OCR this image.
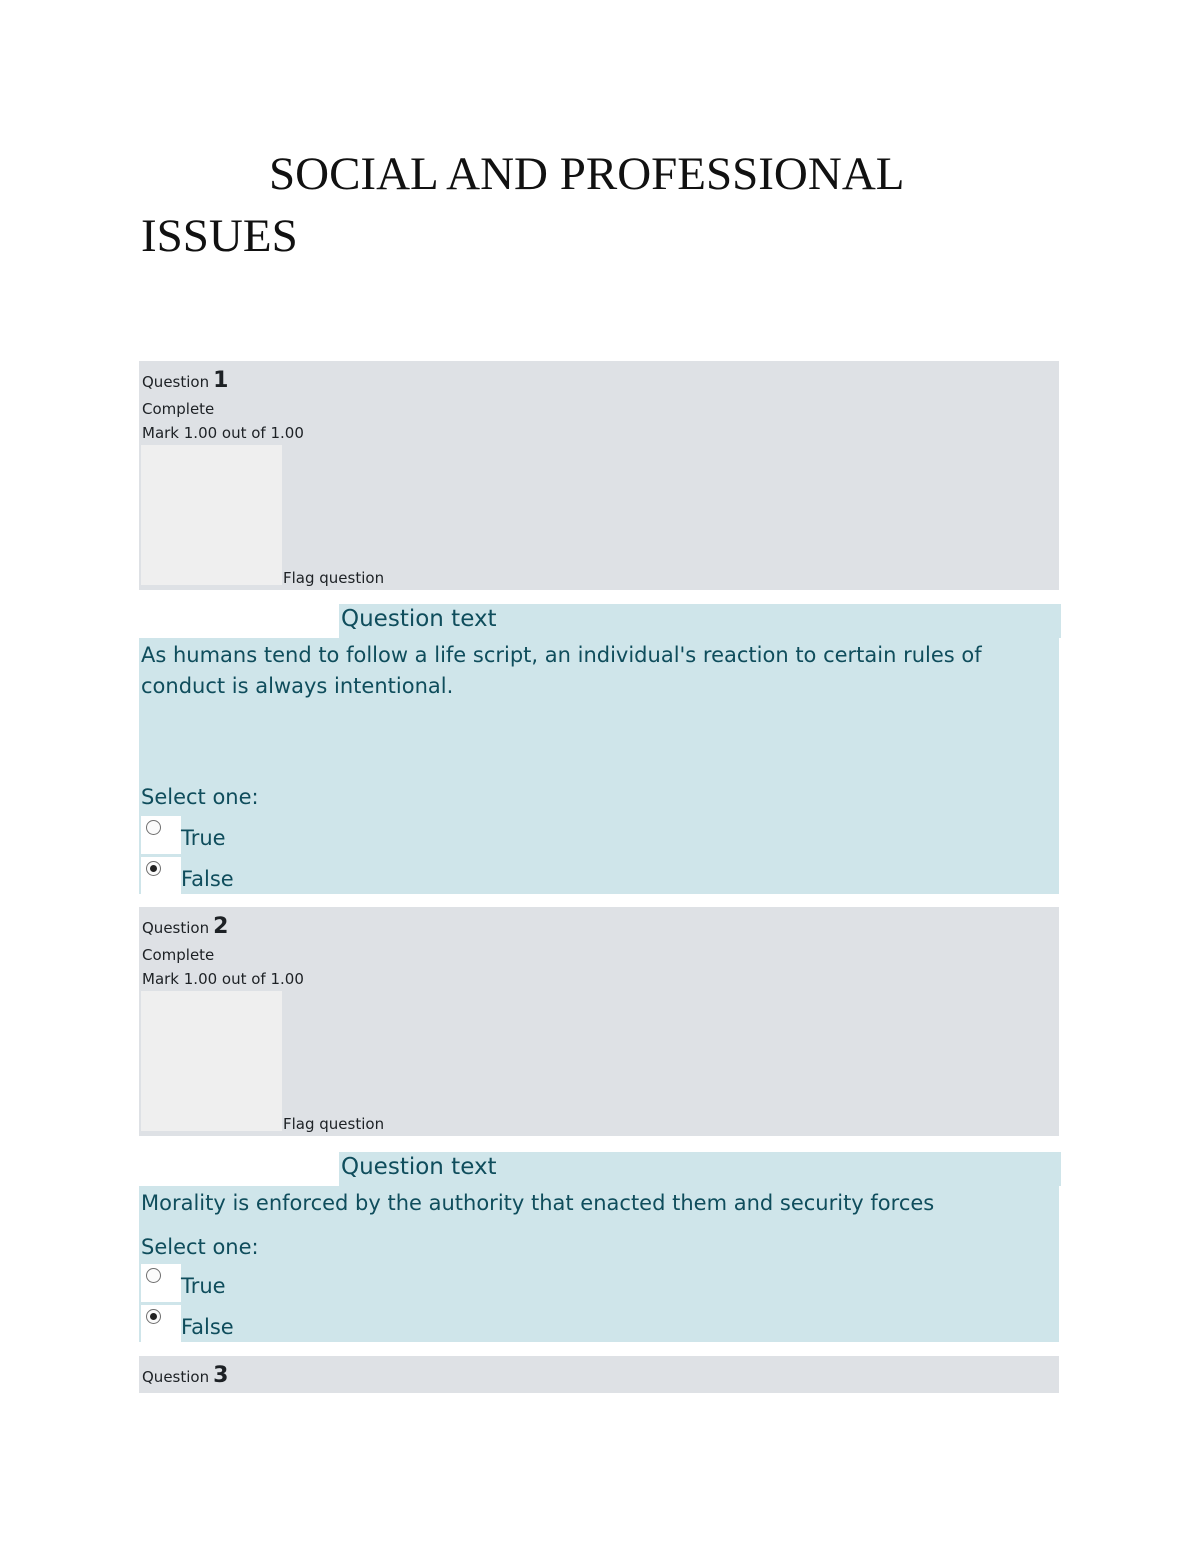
SOCIAL AND PROFESSIONAL ISSUES
Question 1
Complete
Mark 1.00 out of 1.00
Flag question
Question text
As humans tend to follow a life script, an individual's reaction to certain rules of conduct is always intentional.
Select one:
True
False
Question 2
Complete
Mark 1.00 out of 1.00
Flag question
Question text
Morality is enforced by the authority that enacted them and security forces
Select one:
True
False
Question 3
